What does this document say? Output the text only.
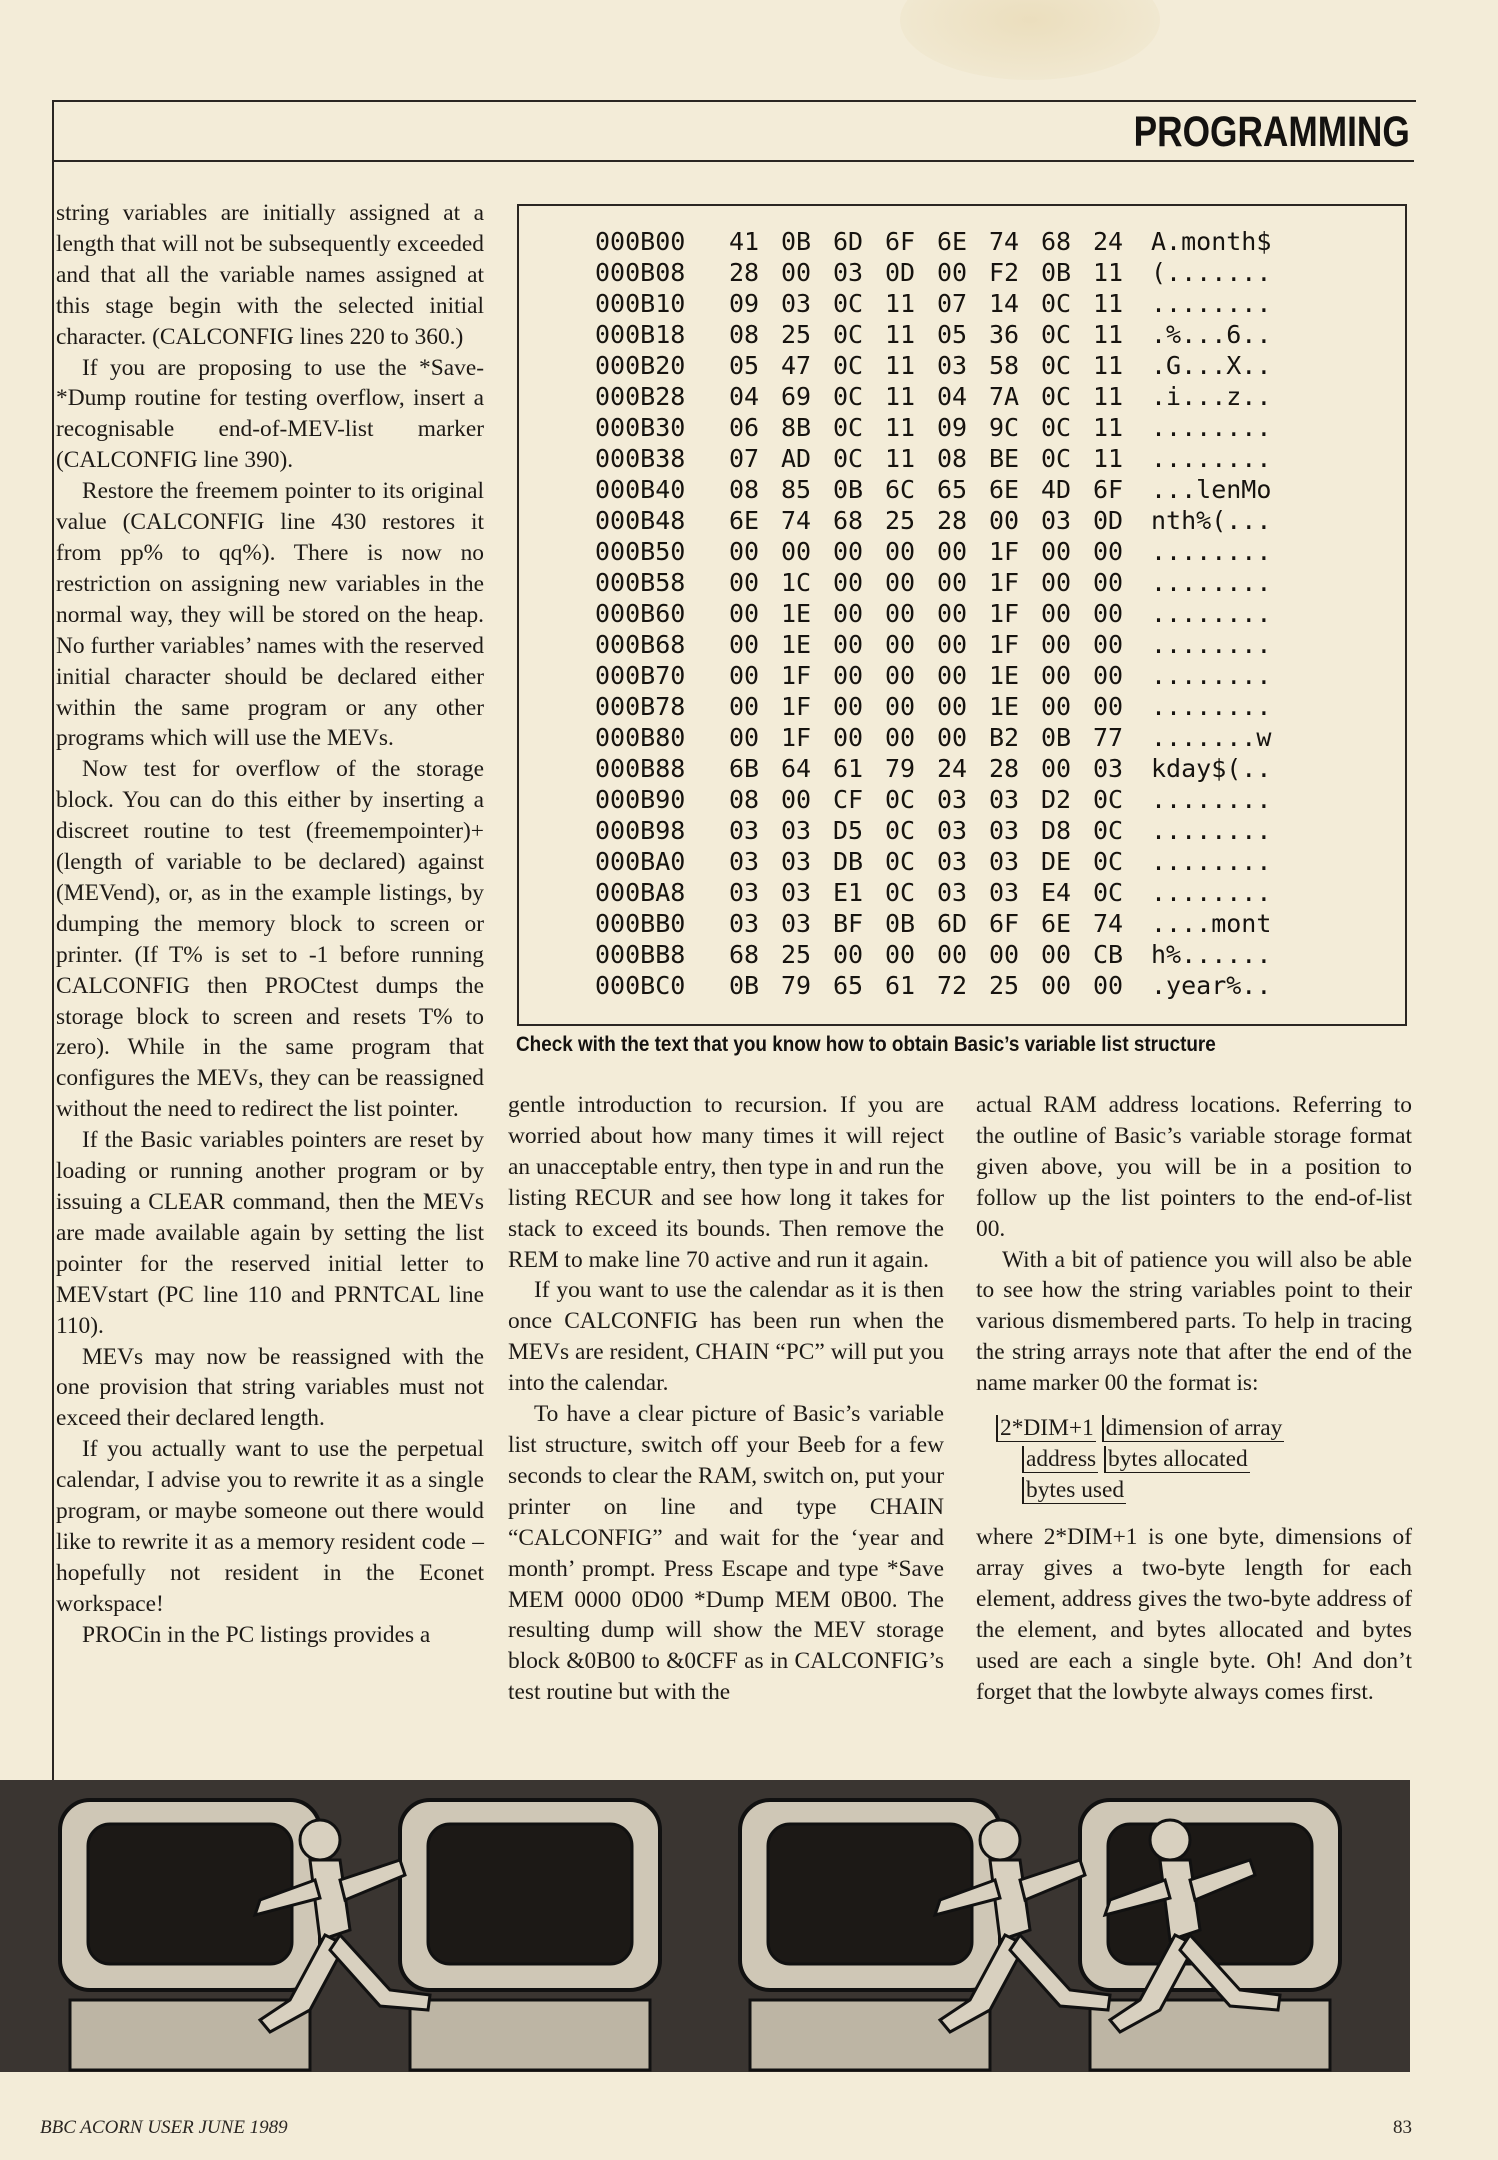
PROGRAMMING

string variables are initially assigned at a length that will not be subsequently exceeded and that all the variable names assigned at this stage begin with the selected initial character. (CALCONFIG lines 220 to 360.)

If you are proposing to use the *Save-*Dump routine for testing overflow, insert a recognisable end-of-MEV-list marker (CALCONFIG line 390).

Restore the freemem pointer to its original value (CALCONFIG line 430 restores it from pp% to qq%). There is now no restriction on assigning new variables in the normal way, they will be stored on the heap. No further variables’ names with the reserved initial character should be declared either within the same program or any other programs which will use the MEVs.

Now test for overflow of the storage block. You can do this either by inserting a discreet routine to test (freemempointer)+(length of variable to be declared) against (MEVend), or, as in the example listings, by dumping the memory block to screen or printer. (If T% is set to -1 before running CALCONFIG then PROCtest dumps the storage block to screen and resets T% to zero). While in the same program that configures the MEVs, they can be reassigned without the need to redirect the list pointer.

If the Basic variables pointers are reset by loading or running another program or by issuing a CLEAR command, then the MEVs are made available again by setting the list pointer for the reserved initial letter to MEVstart (PC line 110 and PRNTCAL line 110).

MEVs may now be reassigned with the one provision that string variables must not exceed their declared length.

If you actually want to use the perpetual calendar, I advise you to rewrite it as a single program, or maybe someone out there would like to rewrite it as a memory resident code – hopefully not resident in the Econet workspace!

PROCin in the PC listings provides a

000B00 41 0B 6D 6F 6E 74 68 24 A.month$
000B08 28 00 03 0D 00 F2 0B 11 (.......
000B10 09 03 0C 11 07 14 0C 11 ........
000B18 08 25 0C 11 05 36 0C 11 .%...6..
000B20 05 47 0C 11 03 58 0C 11 .G...X..
000B28 04 69 0C 11 04 7A 0C 11 .i...z..
000B30 06 8B 0C 11 09 9C 0C 11 ........
000B38 07 AD 0C 11 08 BE 0C 11 ........
000B40 08 85 0B 6C 65 6E 4D 6F ...lenMo
000B48 6E 74 68 25 28 00 03 0D nth%(...
000B50 00 00 00 00 00 1F 00 00 ........
000B58 00 1C 00 00 00 1F 00 00 ........
000B60 00 1E 00 00 00 1F 00 00 ........
000B68 00 1E 00 00 00 1F 00 00 ........
000B70 00 1F 00 00 00 1E 00 00 ........
000B78 00 1F 00 00 00 1E 00 00 ........
000B80 00 1F 00 00 00 B2 0B 77 .......w
000B88 6B 64 61 79 24 28 00 03 kday$(..
000B90 08 00 CF 0C 03 03 D2 0C ........
000B98 03 03 D5 0C 03 03 D8 0C ........
000BA0 03 03 DB 0C 03 03 DE 0C ........
000BA8 03 03 E1 0C 03 03 E4 0C ........
000BB0 03 03 BF 0B 6D 6F 6E 74 ....mont
000BB8 68 25 00 00 00 00 00 CB h%......
000BC0 0B 79 65 61 72 25 00 00 .year%..
Check with the text that you know how to obtain Basic’s variable list structure

gentle introduction to recursion. If you are worried about how many times it will reject an unacceptable entry, then type in and run the listing RECUR and see how long it takes for stack to exceed its bounds. Then remove the REM to make line 70 active and run it again.

If you want to use the calendar as it is then once CALCONFIG has been run when the MEVs are resident, CHAIN “PC” will put you into the calendar.

To have a clear picture of Basic’s variable list structure, switch off your Beeb for a few seconds to clear the RAM, switch on, put your printer on line and type CHAIN “CALCONFIG” and wait for the ‘year and month’ prompt. Press Escape and type *Save MEM 0000 0D00 *Dump MEM 0B00. The resulting dump will show the MEV storage block &0B00 to &0CFF as in CALCONFIG’s test routine but with the

actual RAM address locations. Referring to the outline of Basic’s variable storage format given above, you will be in a position to follow up the list pointers to the end-of-list 00.

With a bit of patience you will also be able to see how the string variables point to their various dismembered parts. To help in tracing the string arrays note that after the end of the name marker 00 the format is:

2*DIM+1 dimension of array
address bytes allocated
bytes used

where 2*DIM+1 is one byte, dimensions of array gives a two-byte length for each element, address gives the two-byte address of the element, and bytes allocated and bytes used are each a single byte. Oh! And don’t forget that the lowbyte always comes first.

BBC ACORN USER JUNE 1989	83
